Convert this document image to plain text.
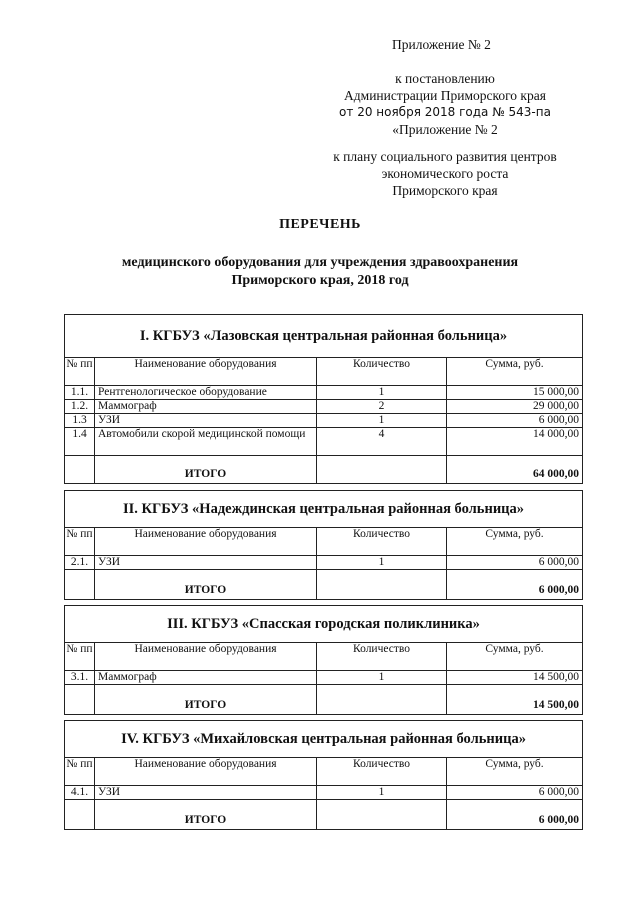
Приложение № 2
к постановлению
Администрации Приморского края
от 20 ноября 2018 года № 543-па
«Приложение № 2
к плану социального развития центров
экономического роста
Приморского края
ПЕРЕЧЕНЬ
медицинского оборудования для учреждения здравоохранения
Приморского края, 2018 год
I. КГБУЗ «Лазовская центральная районная больница»			
№ пп	Наименование оборудования	Количество	Сумма, руб.
1.1.	Рентгенологическое оборудование	1	15 000,00
1.2.	Маммограф	2	29 000,00
1.3	УЗИ	1	6 000,00
1.4	Автомобили скорой медицинской помощи	4	14 000,00
	ИТОГО		64 000,00
II. КГБУЗ «Надеждинская центральная районная больница»			
№ пп	Наименование оборудования	Количество	Сумма, руб.
2.1.	УЗИ	1	6 000,00
	ИТОГО		6 000,00
III. КГБУЗ «Спасская городская поликлиника»			
№ пп	Наименование оборудования	Количество	Сумма, руб.
3.1.	Маммограф	1	14 500,00
	ИТОГО		14 500,00
IV. КГБУЗ «Михайловская центральная районная больница»			
№ пп	Наименование оборудования	Количество	Сумма, руб.
4.1.	УЗИ	1	6 000,00
	ИТОГО		6 000,00
